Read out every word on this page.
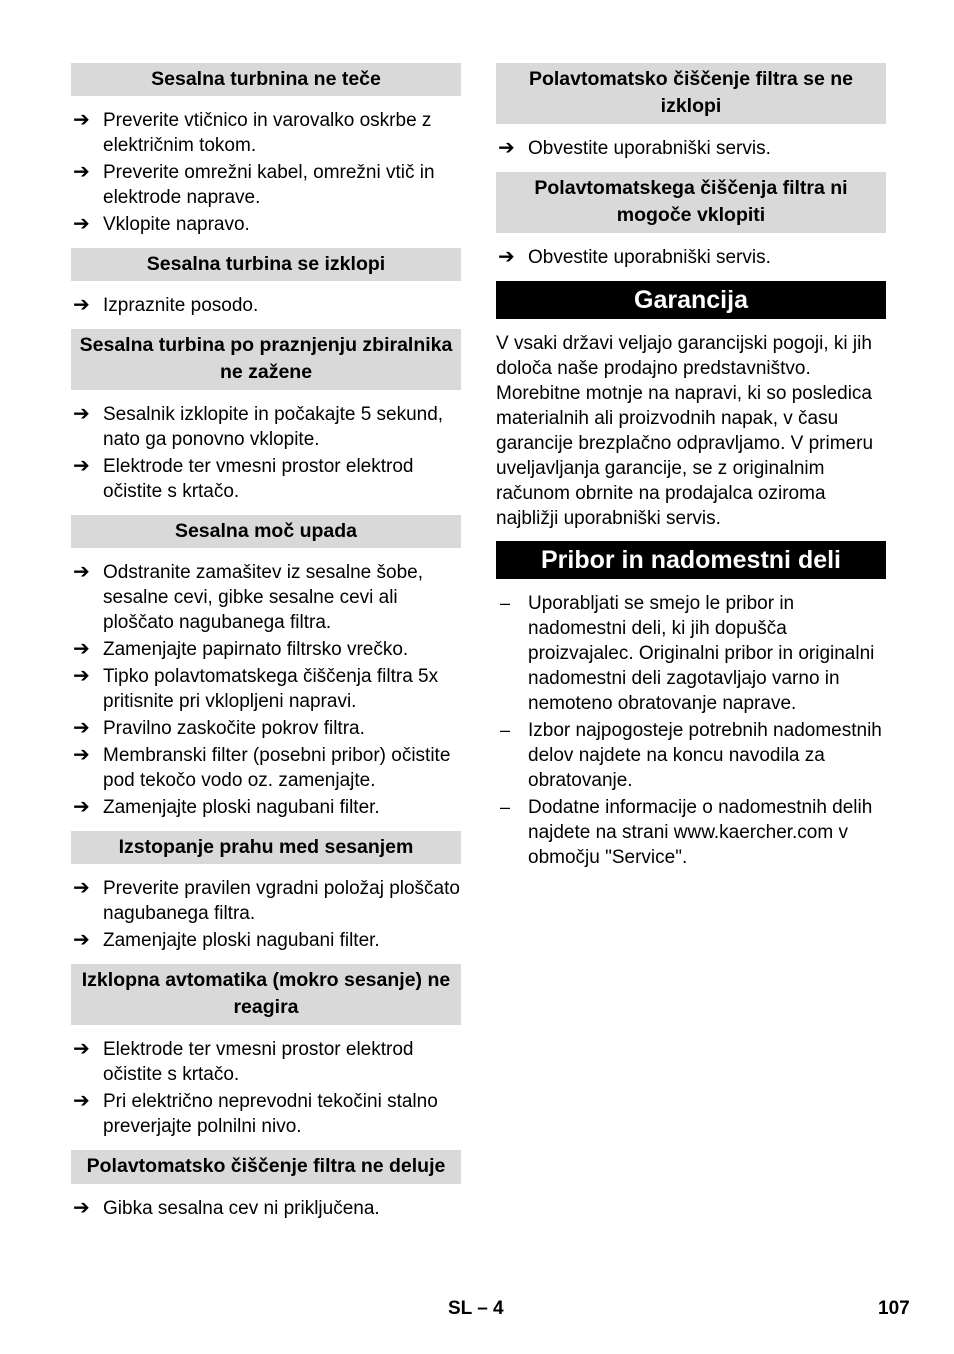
Sesalna turbnina ne teče
➔ Preverite vtičnico in varovalko oskrbe z električnim tokom.
➔ Preverite omrežni kabel, omrežni vtič in elektrode naprave.
➔ Vklopite napravo.
Sesalna turbina se izklopi
➔ Izpraznite posodo.
Sesalna turbina po praznjenju zbiralnika ne zažene
➔ Sesalnik izklopite in počakajte 5 sekund, nato ga ponovno vklopite.
➔ Elektrode ter vmesni prostor elektrod očistite s krtačo.
Sesalna moč upada
➔ Odstranite zamašitev iz sesalne šobe, sesalne cevi, gibke sesalne cevi ali ploščato nagubanega filtra.
➔ Zamenjajte papirnato filtrsko vrečko.
➔ Tipko polavtomatskega čiščenja filtra 5x pritisnite pri vklopljeni napravi.
➔ Pravilno zaskočite pokrov filtra.
➔ Membranski filter (posebni pribor) očistite pod tekočo vodo oz. zamenjajte.
➔ Zamenjajte ploski nagubani filter.
Izstopanje prahu med sesanjem
➔ Preverite pravilen vgradni položaj ploščato nagubanega filtra.
➔ Zamenjajte ploski nagubani filter.
Izklopna avtomatika (mokro sesanje) ne reagira
➔ Elektrode ter vmesni prostor elektrod očistite s krtačo.
➔ Pri električno neprevodni tekočini stalno preverjajte polnilni nivo.
Polavtomatsko čiščenje filtra ne deluje
➔ Gibka sesalna cev ni priključena.
Polavtomatsko čiščenje filtra se ne izklopi
➔ Obvestite uporabniški servis.
Polavtomatskega čiščenja filtra ni mogoče vklopiti
➔ Obvestite uporabniški servis.
Garancija

V vsaki državi veljajo garancijski pogoji, ki jih določa naše prodajno predstavništvo. Morebitne motnje na napravi, ki so posledica materialnih ali proizvodnih napak, v času garancije brezplačno odpravljamo. V primeru uveljavljanja garancije, se z originalnim računom obrnite na prodajalca oziroma najbližji uporabniški servis.

Pribor in nadomestni deli
– Uporabljati se smejo le pribor in nadomestni deli, ki jih dopušča proizvajalec. Originalni pribor in originalni nadomestni deli zagotavljajo varno in nemoteno obratovanje naprave.
– Izbor najpogosteje potrebnih nadomestnih delov najdete na koncu navodila za obratovanje.
– Dodatne informacije o nadomestnih delih najdete na strani www.kaercher.com v območju "Service".
SL – 4	107
